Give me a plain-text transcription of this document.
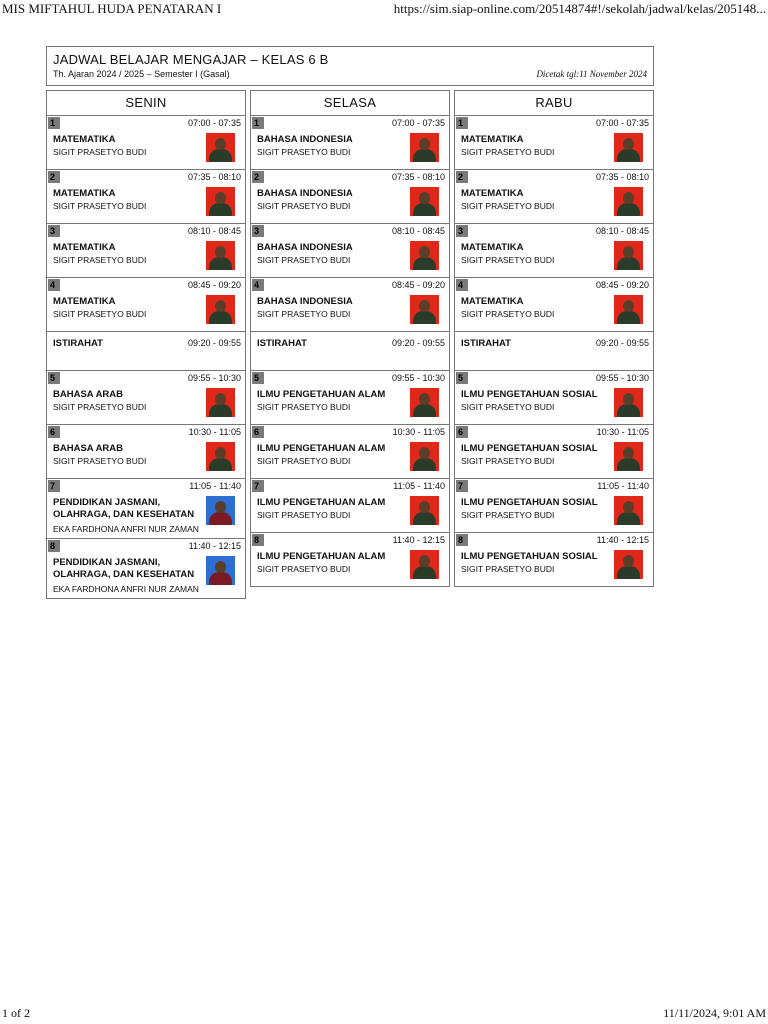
MIS MIFTAHUL HUDA PENATARAN I	https://sim.siap-online.com/20514874#!/sekolah/jadwal/kelas/205148...
JADWAL BELAJAR MENGAJAR – KELAS 6 B
Th. Ajaran 2024 / 2025 – Semester I (Gasal)	Dicetak tgl:11 November 2024
SENIN
1	07:00 - 07:35
MATEMATIKA
SIGIT PRASETYO BUDI
2	07:35 - 08:10
MATEMATIKA
SIGIT PRASETYO BUDI
3	08:10 - 08:45
MATEMATIKA
SIGIT PRASETYO BUDI
4	08:45 - 09:20
MATEMATIKA
SIGIT PRASETYO BUDI
09:20 - 09:55
ISTIRAHAT
5	09:55 - 10:30
BAHASA ARAB
SIGIT PRASETYO BUDI
6	10:30 - 11:05
BAHASA ARAB
SIGIT PRASETYO BUDI
7	11:05 - 11:40
PENDIDIKAN JASMANI, OLAHRAGA, DAN KESEHATAN
EKA FARDHONA ANFRI NUR ZAMAN
8	11:40 - 12:15
PENDIDIKAN JASMANI, OLAHRAGA, DAN KESEHATAN
EKA FARDHONA ANFRI NUR ZAMAN
SELASA
1	07:00 - 07:35
BAHASA INDONESIA
SIGIT PRASETYO BUDI
2	07:35 - 08:10
BAHASA INDONESIA
SIGIT PRASETYO BUDI
3	08:10 - 08:45
BAHASA INDONESIA
SIGIT PRASETYO BUDI
4	08:45 - 09:20
BAHASA INDONESIA
SIGIT PRASETYO BUDI
09:20 - 09:55
ISTIRAHAT
5	09:55 - 10:30
ILMU PENGETAHUAN ALAM
SIGIT PRASETYO BUDI
6	10:30 - 11:05
ILMU PENGETAHUAN ALAM
SIGIT PRASETYO BUDI
7	11:05 - 11:40
ILMU PENGETAHUAN ALAM
SIGIT PRASETYO BUDI
8	11:40 - 12:15
ILMU PENGETAHUAN ALAM
SIGIT PRASETYO BUDI
RABU
1	07:00 - 07:35
MATEMATIKA
SIGIT PRASETYO BUDI
2	07:35 - 08:10
MATEMATIKA
SIGIT PRASETYO BUDI
3	08:10 - 08:45
MATEMATIKA
SIGIT PRASETYO BUDI
4	08:45 - 09:20
MATEMATIKA
SIGIT PRASETYO BUDI
09:20 - 09:55
ISTIRAHAT
5	09:55 - 10:30
ILMU PENGETAHUAN SOSIAL
SIGIT PRASETYO BUDI
6	10:30 - 11:05
ILMU PENGETAHUAN SOSIAL
SIGIT PRASETYO BUDI
7	11:05 - 11:40
ILMU PENGETAHUAN SOSIAL
SIGIT PRASETYO BUDI
8	11:40 - 12:15
ILMU PENGETAHUAN SOSIAL
SIGIT PRASETYO BUDI
1 of 2	11/11/2024, 9:01 AM
